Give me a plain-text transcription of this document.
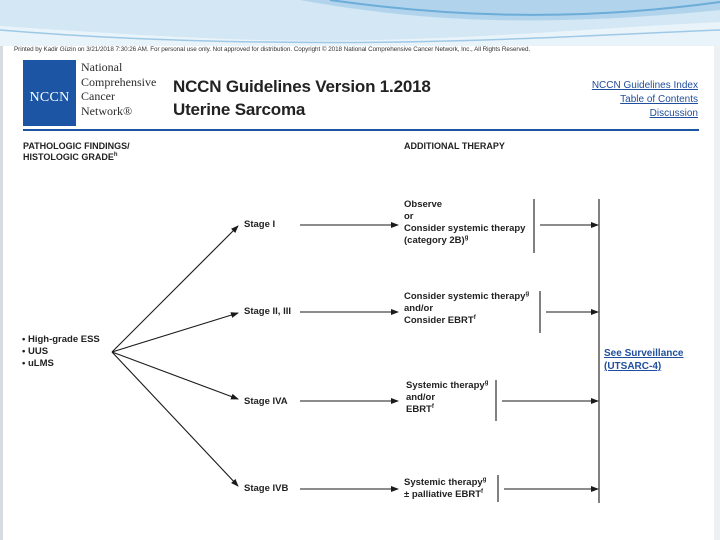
Printed by Kadir Güzin on 3/21/2018 7:30:26 AM. For personal use only. Not approved for distribution. Copyright © 2018 National Comprehensive Cancer Network, Inc., All Rights Reserved.
NCCN
National
Comprehensive
Cancer
Network®
NCCN Guidelines Version 1.2018
Uterine Sarcoma
NCCN Guidelines Index
Table of Contents
Discussion
PATHOLOGIC FINDINGS/
HISTOLOGIC GRADE$^h$
ADDITIONAL THERAPY
• High-grade ESS
• UUS
• uLMS
Stage I
Stage II, III
Stage IVA
Stage IVB
Observe
or
Consider systemic therapy
(category 2B)$^g$
Consider systemic therapy$^g$
and/or
Consider EBRT$^f$
Systemic therapy$^g$
and/or
EBRT$^f$
Systemic therapy$^g$
± palliative EBRT$^f$
See Surveillance
(UTSARC-4)
